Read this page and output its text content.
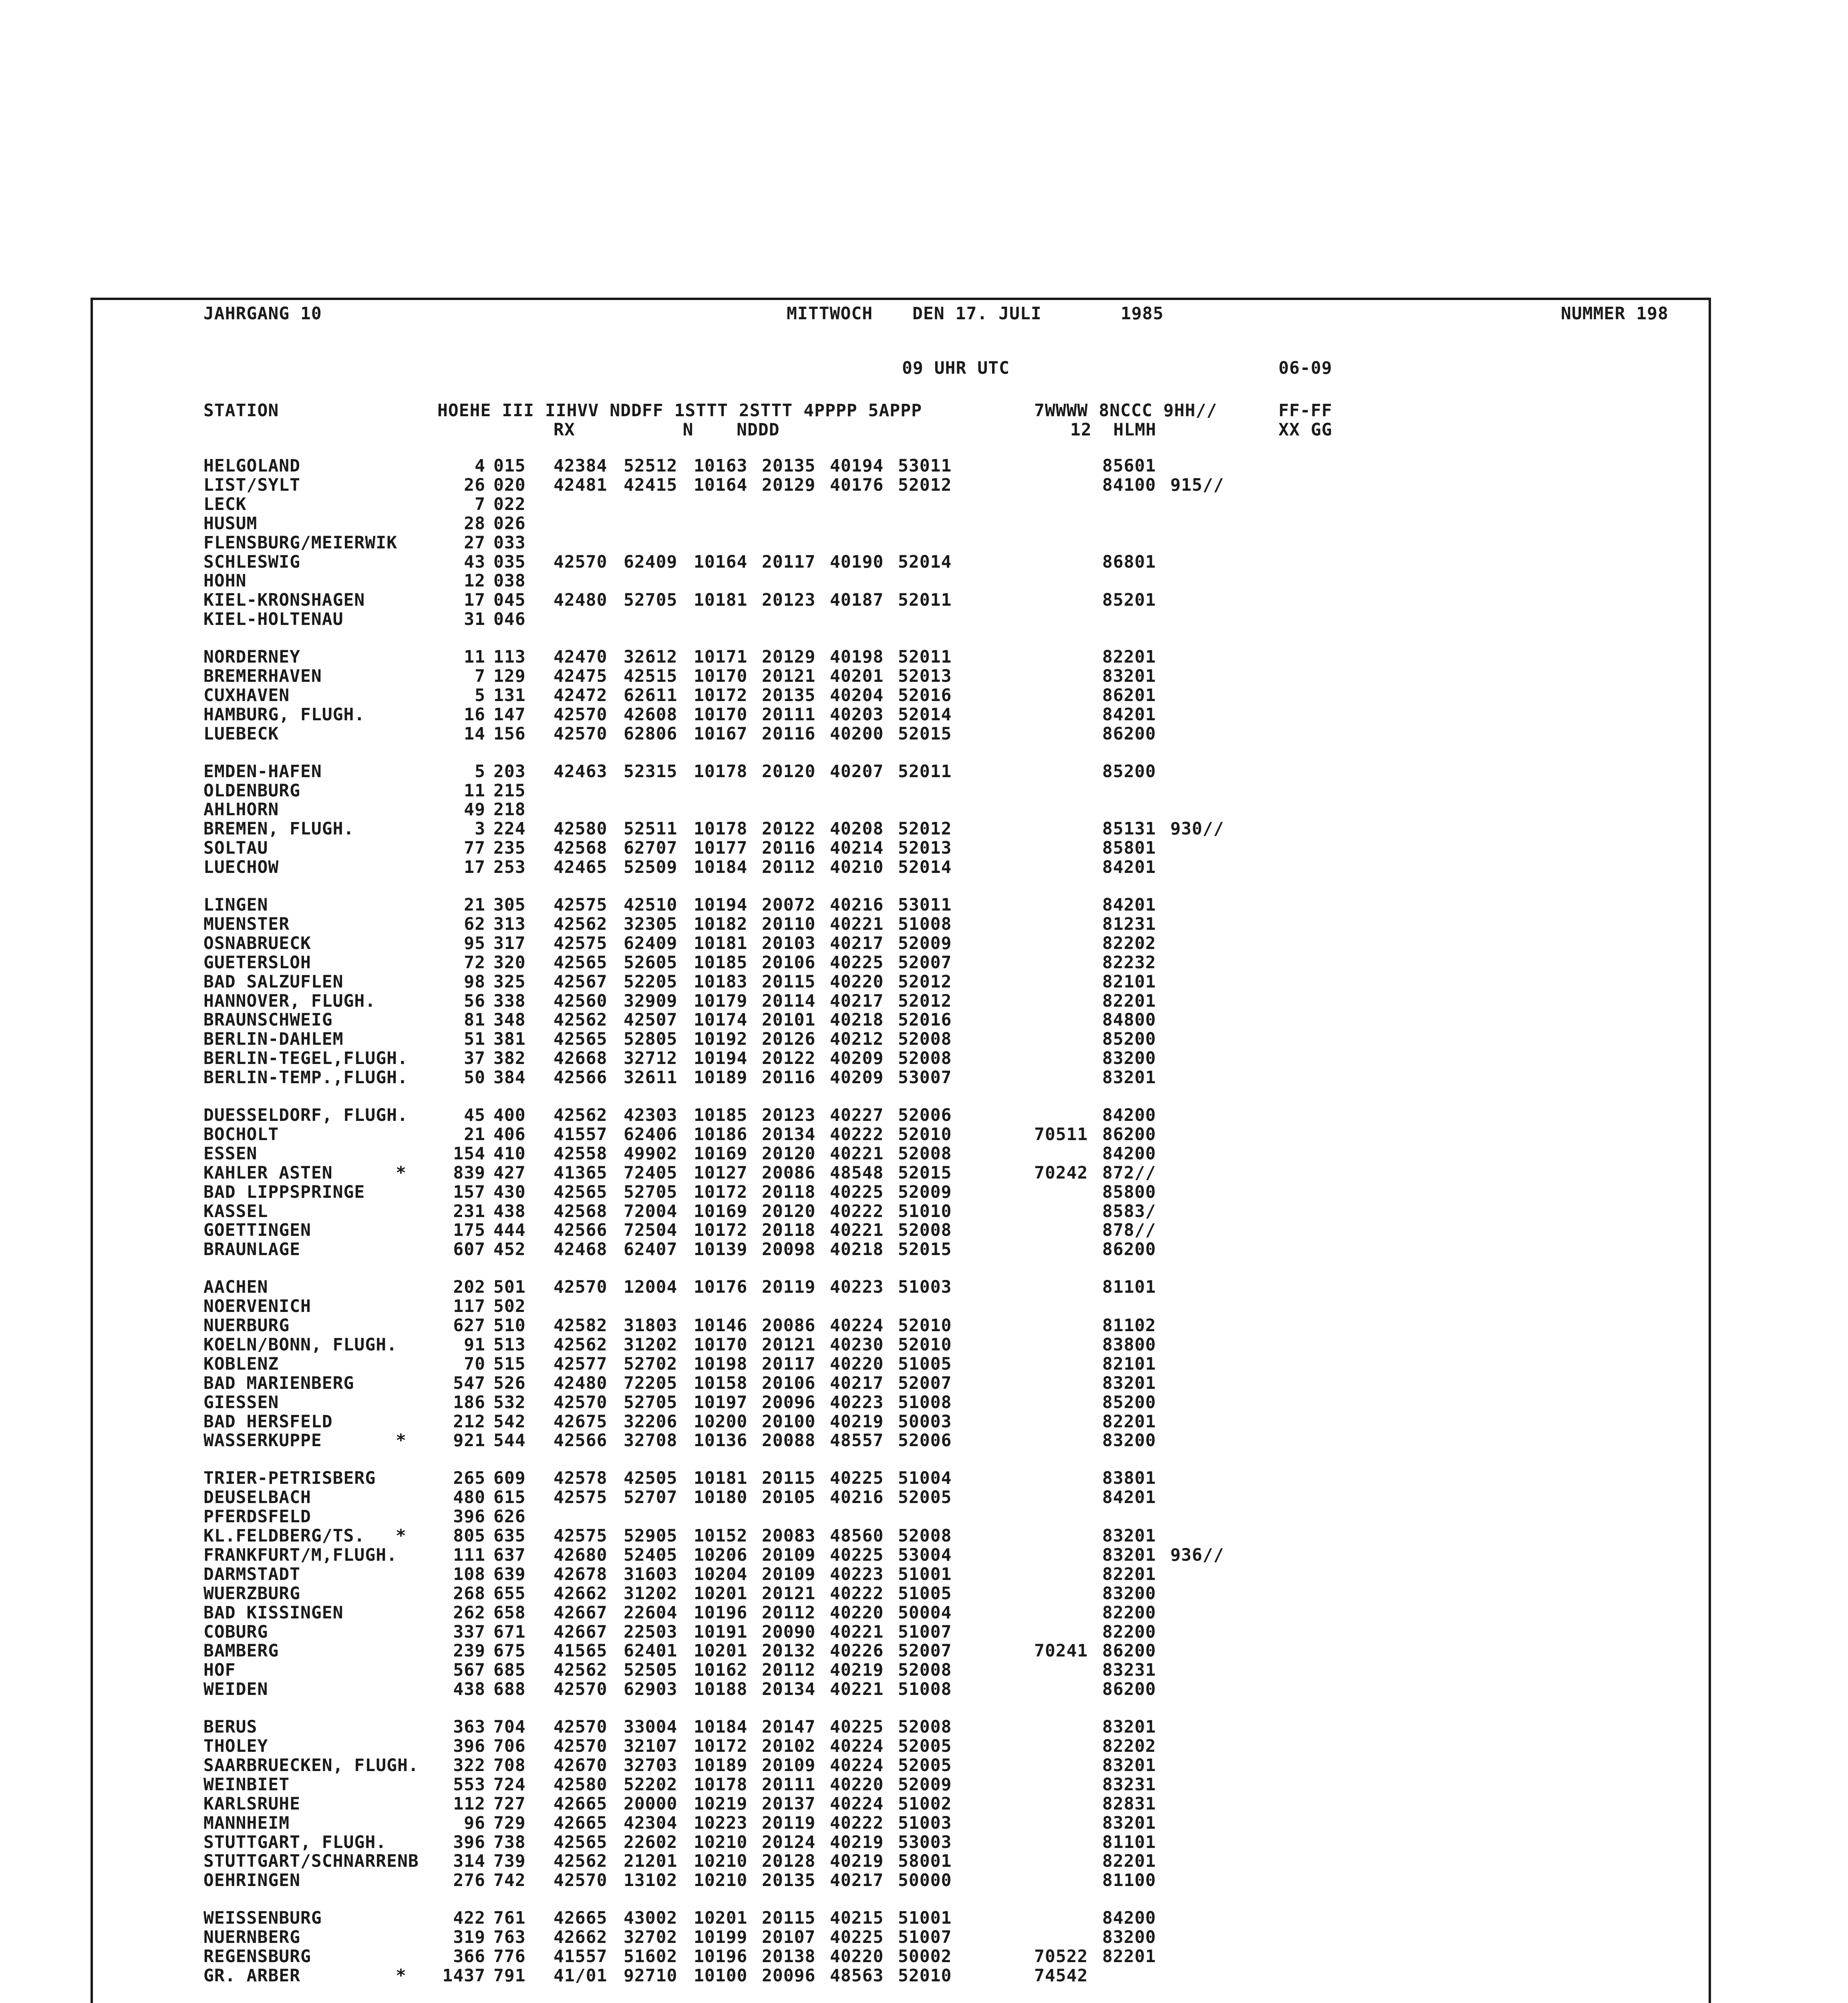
JAHRGANG 10	MITTWOCH DEN 17. JULI	1985	NUMMER 198
09 UHR UTC	06-09
STATION	HOEHE III IIHVV NDDFF 1STTT 2STTT 4PPPP 5APPP	7WWWW 8NCCC 9HH//	FF-FF
RX          N    NDDD	12  HLMH	XX GG
HELGOLAND	4 015 42384 52512 10163 20135 40194 53011	85601
LIST/SYLT	26 020 42481 42415 10164 20129 40176 52012	84100 915//
LECK	7 022
HUSUM	28 026
FLENSBURG/MEIERWIK	27 033
SCHLESWIG	43 035 42570 62409 10164 20117 40190 52014	86801
HOHN	12 038
KIEL-KRONSHAGEN	17 045 42480 52705 10181 20123 40187 52011	85201
KIEL-HOLTENAU	31 046
NORDERNEY	11 113 42470 32612 10171 20129 40198 52011	82201
BREMERHAVEN	7 129 42475 42515 10170 20121 40201 52013	83201
CUXHAVEN	5 131 42472 62611 10172 20135 40204 52016	86201
HAMBURG, FLUGH.	16 147 42570 42608 10170 20111 40203 52014	84201
LUEBECK	14 156 42570 62806 10167 20116 40200 52015	86200
EMDEN-HAFEN	5 203 42463 52315 10178 20120 40207 52011	85200
OLDENBURG	11 215
AHLHORN	49 218
BREMEN, FLUGH.	3 224 42580 52511 10178 20122 40208 52012	85131 930//
SOLTAU	77 235 42568 62707 10177 20116 40214 52013	85801
LUECHOW	17 253 42465 52509 10184 20112 40210 52014	84201
LINGEN	21 305 42575 42510 10194 20072 40216 53011	84201
MUENSTER	62 313 42562 32305 10182 20110 40221 51008	81231
OSNABRUECK	95 317 42575 62409 10181 20103 40217 52009	82202
GUETERSLOH	72 320 42565 52605 10185 20106 40225 52007	82232
BAD SALZUFLEN	98 325 42567 52205 10183 20115 40220 52012	82101
HANNOVER, FLUGH.	56 338 42560 32909 10179 20114 40217 52012	82201
BRAUNSCHWEIG	81 348 42562 42507 10174 20101 40218 52016	84800
BERLIN-DAHLEM	51 381 42565 52805 10192 20126 40212 52008	85200
BERLIN-TEGEL,FLUGH.	37 382 42668 32712 10194 20122 40209 52008	83200
BERLIN-TEMP.,FLUGH.	50 384 42566 32611 10189 20116 40209 53007	83201
DUESSELDORF, FLUGH.	45 400 42562 42303 10185 20123 40227 52006	84200
BOCHOLT	21 406 41557 62406 10186 20134 40222 52010	70511 86200
ESSEN	154 410 42558 49902 10169 20120 40221 52008	84200
KAHLER ASTEN	*	839 427 41365 72405 10127 20086 48548 52015	70242 872//
BAD LIPPSPRINGE	157 430 42565 52705 10172 20118 40225 52009	85800
KASSEL	231 438 42568 72004 10169 20120 40222 51010	8583/
GOETTINGEN	175 444 42566 72504 10172 20118 40221 52008	878//
BRAUNLAGE	607 452 42468 62407 10139 20098 40218 52015	86200
AACHEN	202 501 42570 12004 10176 20119 40223 51003	81101
NOERVENICH	117 502
NUERBURG	627 510 42582 31803 10146 20086 40224 52010	81102
KOELN/BONN, FLUGH.	91 513 42562 31202 10170 20121 40230 52010	83800
KOBLENZ	70 515 42577 52702 10198 20117 40220 51005	82101
BAD MARIENBERG	547 526 42480 72205 10158 20106 40217 52007	83201
GIESSEN	186 532 42570 52705 10197 20096 40223 51008	85200
BAD HERSFELD	212 542 42675 32206 10200 20100 40219 50003	82201
WASSERKUPPE	*	921 544 42566 32708 10136 20088 48557 52006	83200
TRIER-PETRISBERG	265 609 42578 42505 10181 20115 40225 51004	83801
DEUSELBACH	480 615 42575 52707 10180 20105 40216 52005	84201
PFERDSFELD	396 626
KL.FELDBERG/TS. *	805 635 42575 52905 10152 20083 48560 52008	83201
FRANKFURT/M,FLUGH.	111 637 42680 52405 10206 20109 40225 53004	83201 936//
DARMSTADT	108 639 42678 31603 10204 20109 40223 51001	82201
WUERZBURG	268 655 42662 31202 10201 20121 40222 51005	83200
BAD KISSINGEN	262 658 42667 22604 10196 20112 40220 50004	82200
COBURG	337 671 42667 22503 10191 20090 40221 51007	82200
BAMBERG	239 675 41565 62401 10201 20132 40226 52007	70241 86200
HOF	567 685 42562 52505 10162 20112 40219 52008	83231
WEIDEN	438 688 42570 62903 10188 20134 40221 51008	86200
BERUS	363 704 42570 33004 10184 20147 40225 52008	83201
THOLEY	396 706 42570 32107 10172 20102 40224 52005	82202
SAARBRUECKEN, FLUGH.	322 708 42670 32703 10189 20109 40224 52005	83201
WEINBIET	553 724 42580 52202 10178 20111 40220 52009	83231
KARLSRUHE	112 727 42665 20000 10219 20137 40224 51002	82831
MANNHEIM	96 729 42665 42304 10223 20119 40222 51003	83201
STUTTGART, FLUGH.	396 738 42565 22602 10210 20124 40219 53003	81101
STUTTGART/SCHNARRENB	314 739 42562 21201 10210 20128 40219 58001	82201
OEHRINGEN	276 742 42570 13102 10210 20135 40217 50000	81100
WEISSENBURG	422 761 42665 43002 10201 20115 40215 51001	84200
NUERNBERG	319 763 42662 32702 10199 20107 40225 51007	83200
REGENSBURG	366 776 41557 51602 10196 20138 40220 50002	70522 82201
GR. ARBER	* 1437 791 41/01 92710 10100 20096 48563 52010	74542
